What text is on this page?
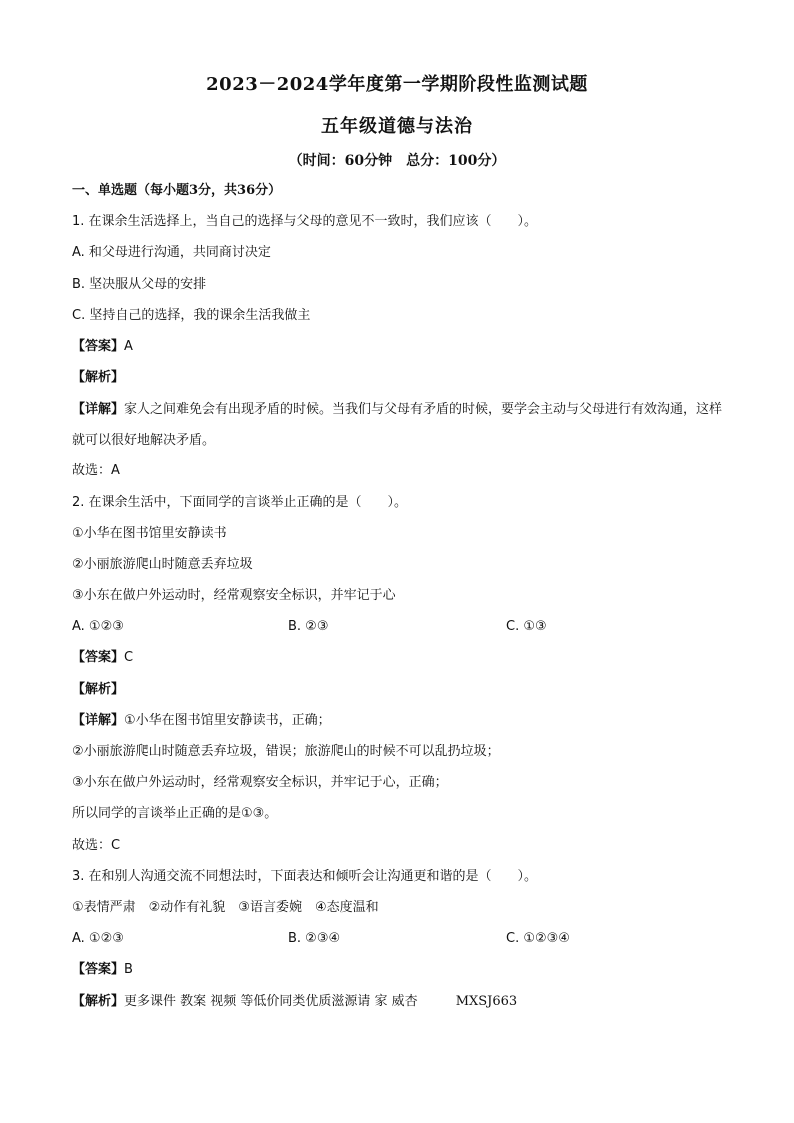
2023－2024学年度第一学期阶段性监测试题
五年级道德与法治
（时间：60分钟　总分：100分）
一、单选题（每小题3分，共36分）
1. 在课余生活选择上，当自己的选择与父母的意见不一致时，我们应该（　　）。
A. 和父母进行沟通，共同商讨决定
B. 坚决服从父母的安排
C. 坚持自己的选择，我的课余生活我做主
【答案】A
【解析】
【详解】家人之间难免会有出现矛盾的时候。当我们与父母有矛盾的时候，要学会主动与父母进行有效沟通，这样就可以很好地解决矛盾。
故选：A
2. 在课余生活中，下面同学的言谈举止正确的是（　　）。
①小华在图书馆里安静读书
②小丽旅游爬山时随意丢弃垃圾
③小东在做户外运动时，经常观察安全标识，并牢记于心
A. ①②③	B. ②③	C. ①③
【答案】C
【解析】
【详解】①小华在图书馆里安静读书，正确；
②小丽旅游爬山时随意丢弃垃圾，错误；旅游爬山的时候不可以乱扔垃圾；
③小东在做户外运动时，经常观察安全标识，并牢记于心，正确；
所以同学的言谈举止正确的是①③。
故选：C
3. 在和别人沟通交流不同想法时，下面表达和倾听会让沟通更和谐的是（　　）。
①表情严肃　②动作有礼貌　③语言委婉　④态度温和
A. ①②③	B. ②③④	C. ①②③④
【答案】B
【解析】更多课件 教案 视频 等低价同类优质滋源请 家 威杏	MXSJ663
